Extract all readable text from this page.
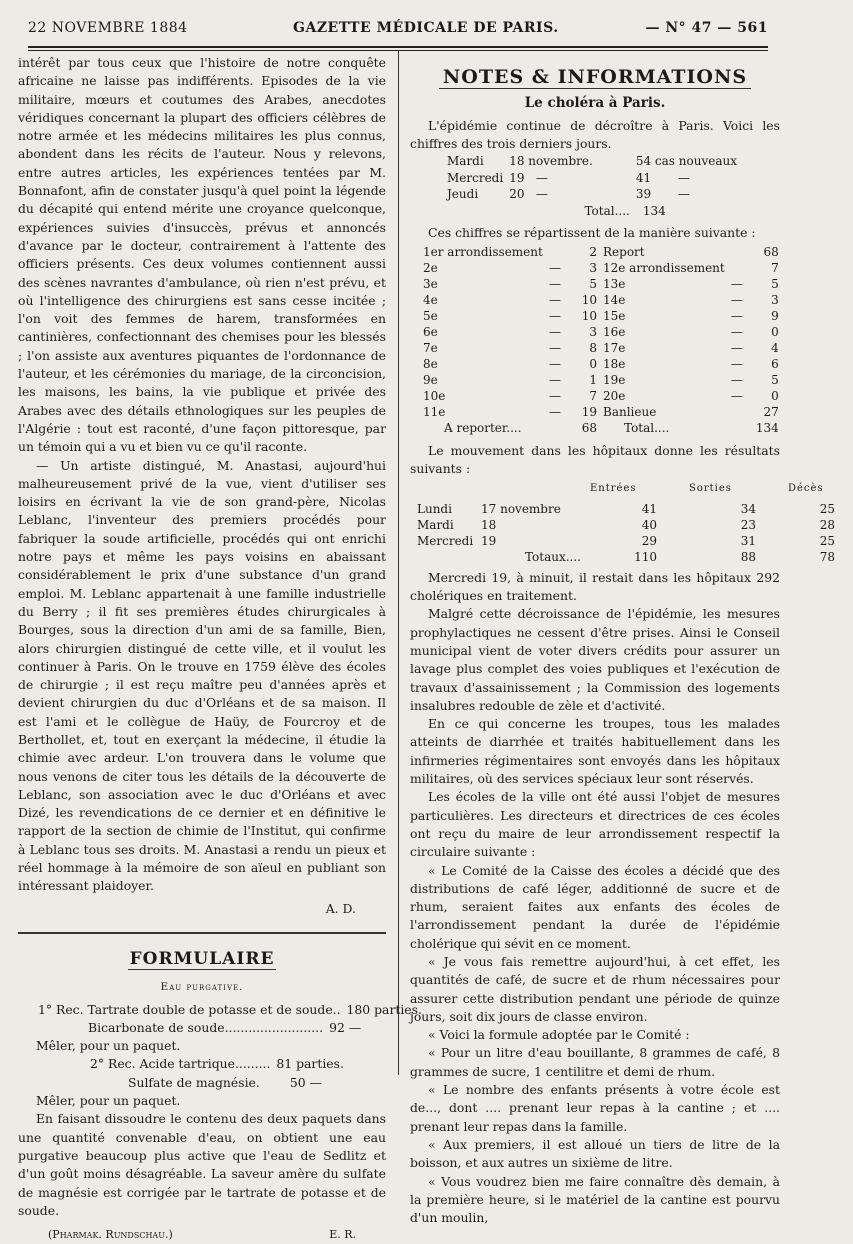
22 NOVEMBRE 1884	GAZETTE MÉDICALE DE PARIS.	— N° 47 — 561

intérêt par tous ceux que l'histoire de notre conquête africaine ne laisse pas indifférents. Episodes de la vie militaire, mœurs et coutumes des Arabes, anecdotes véridiques concernant la plupart des officiers célèbres de notre armée et les médecins militaires les plus connus, abondent dans les récits de l'auteur. Nous y relevons, entre autres articles, les expériences tentées par M. Bonnafont, afin de constater jusqu'à quel point la légende du décapité qui entend mérite une croyance quelconque, expériences suivies d'insuccès, prévus et annoncés d'avance par le docteur, contrairement à l'attente des officiers présents. Ces deux volumes contiennent aussi des scènes navrantes d'ambulance, où rien n'est prévu, et où l'intelligence des chirurgiens est sans cesse incitée ; l'on voit des femmes de harem, transformées en cantinières, confectionnant des chemises pour les blessés ; l'on assiste aux aventures piquantes de l'ordonnance de l'auteur, et les cérémonies du mariage, de la circoncision, les maisons, les bains, la vie publique et privée des Arabes avec des détails ethnologiques sur les peuples de l'Algérie : tout est raconté, d'une façon pittoresque, par un témoin qui a vu et bien vu ce qu'il raconte.

— Un artiste distingué, M. Anastasi, aujourd'hui malheureusement privé de la vue, vient d'utiliser ses loisirs en écrivant la vie de son grand-père, Nicolas Leblanc, l'inventeur des premiers procédés pour fabriquer la soude artificielle, procédés qui ont enrichi notre pays et même les pays voisins en abaissant considérablement le prix d'une substance d'un grand emploi. M. Leblanc appartenait à une famille industrielle du Berry ; il fit ses premières études chirurgicales à Bourges, sous la direction d'un ami de sa famille, Bien, alors chirurgien distingué de cette ville, et il voulut les continuer à Paris. On le trouve en 1759 élève des écoles de chirurgie ; il est reçu maître peu d'années après et devient chirurgien du duc d'Orléans et de sa maison. Il est l'ami et le collègue de Haüy, de Fourcroy et de Berthollet, et, tout en exerçant la médecine, il étudie la chimie avec ardeur. L'on trouvera dans le volume que nous venons de citer tous les détails de la découverte de Leblanc, son association avec le duc d'Orléans et avec Dizé, les revendications de ce dernier et en définitive le rapport de la section de chimie de l'Institut, qui confirme à Leblanc tous ses droits. M. Anastasi a rendu un pieux et réel hommage à la mémoire de son aïeul en publiant son intéressant plaidoyer.

A. D.
FORMULAIRE
Eau purgative.
1° Rec. Tartrate double de potasse et de soude.. 180 parties.
Bicarbonate de soude......................... 92 —
Mêler, pour un paquet.
2° Rec. Acide tartrique......... 81 parties.
Sulfate de magnésie.	50 —
Mêler, pour un paquet.

En faisant dissoudre le contenu des deux paquets dans une quantité convenable d'eau, on obtient une eau purgative beaucoup plus active que l'eau de Sedlitz et d'un goût moins désagréable. La saveur amère du sulfate de magnésie est corrigée par le tartrate de potasse et de soude.

(Pharmak. Rundschau.)	E. R.
NOTES & INFORMATIONS
Le choléra à Paris.

L'épidémie continue de décroître à Paris. Voici les chiffres des trois derniers jours.

Mardi	18 novembre.	54 cas nouveaux
Mercredi	19   —	41       —
Jeudi	20   —	39       —
	Total....	134

Ces chiffres se répartissent de la manière suivante :

1er arrondissement		2
2e	—	3
3e	—	5
4e	—	10
5e	—	10
6e	—	3
7e	—	8
8e	—	0
9e	—	1
10e	—	7
11e	—	19
A reporter....		68
Report		68
12e arrondissement		7
13e	—	5
14e	—	3
15e	—	9
16e	—	0
17e	—	4
18e	—	6
19e	—	5
20e	—	0
Banlieue		27
Total....		134

Le mouvement dans les hôpitaux donne les résultats suivants :

		Entrées	Sorties	Décès
Lundi	17 novembre	41	34	25
Mardi	18	40	23	28
Mercredi	19	29	31	25
	Totaux....	110	88	78

Mercredi 19, à minuit, il restait dans les hôpitaux 292 cholériques en traitement.

Malgré cette décroissance de l'épidémie, les mesures prophylactiques ne cessent d'être prises. Ainsi le Conseil municipal vient de voter divers crédits pour assurer un lavage plus complet des voies publiques et l'exécution de travaux d'assainissement ; la Commission des logements insalubres redouble de zèle et d'activité.

En ce qui concerne les troupes, tous les malades atteints de diarrhée et traités habituellement dans les infirmeries régimentaires sont envoyés dans les hôpitaux militaires, où des services spéciaux leur sont réservés.

Les écoles de la ville ont été aussi l'objet de mesures particulières. Les directeurs et directrices de ces écoles ont reçu du maire de leur arrondissement respectif la circulaire suivante :

« Le Comité de la Caisse des écoles a décidé que des distributions de café léger, additionné de sucre et de rhum, seraient faites aux enfants des écoles de l'arrondissement pendant la durée de l'épidémie cholérique qui sévit en ce moment.

« Je vous fais remettre aujourd'hui, à cet effet, les quantités de café, de sucre et de rhum nécessaires pour assurer cette distribution pendant une période de quinze jours, soit dix jours de classe environ.

« Voici la formule adoptée par le Comité :

« Pour un litre d'eau bouillante, 8 grammes de café, 8 grammes de sucre, 1 centilitre et demi de rhum.

« Le nombre des enfants présents à votre école est de..., dont .... prenant leur repas à la cantine ; et .... prenant leur repas dans la famille.

« Aux premiers, il est alloué un tiers de litre de la boisson, et aux autres un sixième de litre.

« Vous voudrez bien me faire connaître dès demain, à la première heure, si le matériel de la cantine est pourvu d'un moulin,
